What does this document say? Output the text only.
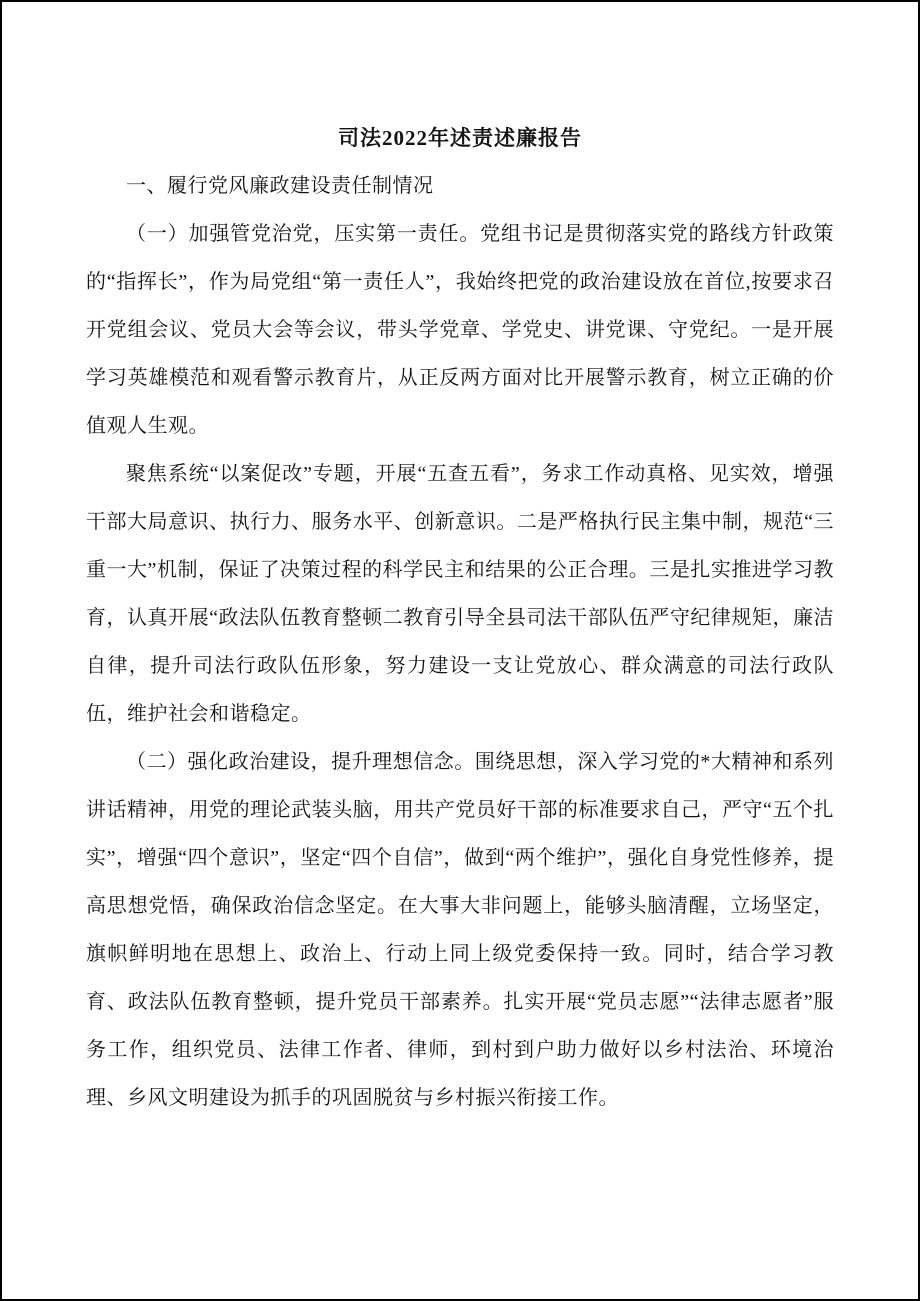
司法2022年述责述廉报告

一、履行党风廉政建设责任制情况

（一）加强管党治党，压实第一责任。党组书记是贯彻落实党的路线方针政策的“指挥长”，作为局党组“第一责任人”，我始终把党的政治建设放在首位,按要求召开党组会议、党员大会等会议，带头学党章、学党史、讲党课、守党纪。一是开展学习英雄模范和观看警示教育片，从正反两方面对比开展警示教育，树立正确的价值观人生观。

聚焦系统“以案促改”专题，开展“五查五看”，务求工作动真格、见实效，增强干部大局意识、执行力、服务水平、创新意识。二是严格执行民主集中制，规范“三重一大”机制，保证了决策过程的科学民主和结果的公正合理。三是扎实推进学习教育，认真开展“政法队伍教育整顿二教育引导全县司法干部队伍严守纪律规矩，廉洁自律，提升司法行政队伍形象，努力建设一支让党放心、群众满意的司法行政队伍，维护社会和谐稳定。

（二）强化政治建设，提升理想信念。围绕思想，深入学习党的*大精神和系列讲话精神，用党的理论武装头脑，用共产党员好干部的标准要求自己，严守“五个扎实”，增强“四个意识”，坚定“四个自信”，做到“两个维护”，强化自身党性修养，提高思想党悟，确保政治信念坚定。在大事大非问题上，能够头脑清醒，立场坚定，旗帜鲜明地在思想上、政治上、行动上同上级党委保持一致。同时，结合学习教育、政法队伍教育整顿，提升党员干部素养。扎实开展“党员志愿”“法律志愿者”服务工作，组织党员、法律工作者、律师，到村到户助力做好以乡村法治、环境治理、乡风文明建设为抓手的巩固脱贫与乡村振兴衔接工作。
